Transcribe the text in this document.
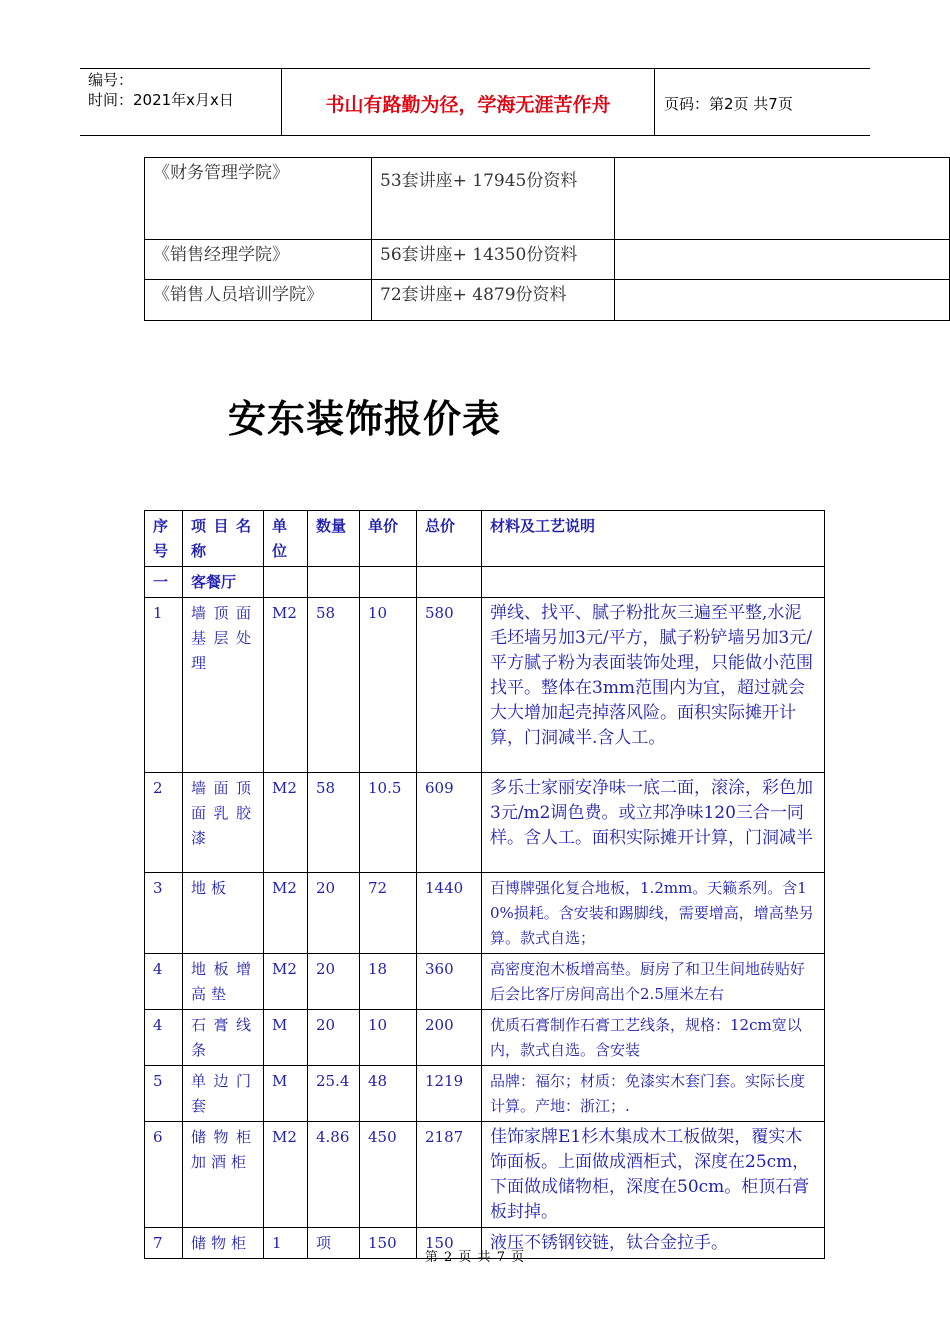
编号：
时间：2021年x月x日	书山有路勤为径，学海无涯苦作舟	页码：第2页 共7页
《财务管理学院》	53套讲座+ 17945份资料	
《销售经理学院》	56套讲座+ 14350份资料	
《销售人员培训学院》	72套讲座+ 4879份资料	
安东装饰报价表
序号	项目名称	单位	数量	单价	总价	材料及工艺说明
一	客餐厅					
1	墙顶面基层处理	M2	58	10	580	弹线、找平、腻子粉批灰三遍至平整,水泥毛坯墙另加3元/平方，腻子粉铲墙另加3元/平方腻子粉为表面装饰处理，只能做小范围找平。整体在3mm范围内为宜，超过就会大大增加起壳掉落风险。面积实际摊开计算，门洞减半.含人工。
2	墙面顶面乳胶漆	M2	58	10.5	609	多乐士家丽安净味一底二面，滚涂，彩色加3元/m2调色费。或立邦净味120三合一同样。含人工。面积实际摊开计算，门洞减半
3	地板	M2	20	72	1440	百博牌强化复合地板，1.2mm。天籁系列。含10%损耗。含安装和踢脚线，需要增高，增高垫另算。款式自选；
4	地板增高垫	M2	20	18	360	高密度泡木板增高垫。厨房了和卫生间地砖贴好后会比客厅房间高出个2.5厘米左右
4	石膏线条	M	20	10	200	优质石膏制作石膏工艺线条，规格：12cm宽以内，款式自选。含安装
5	单边门套	M	25.4	48	1219	品牌：福尔；材质：免漆实木套门套。实际长度计算。产地：浙江；.
6	储物柜加酒柜	M2	4.86	450	2187	佳饰家牌E1杉木集成木工板做架，覆实木饰面板。上面做成酒柜式，深度在25cm，下面做成储物柜，深度在50cm。柜顶石膏板封掉。
7	储物柜	1	项	150	150	液压不锈钢铰链，钛合金拉手。
第 2 页 共 7 页
